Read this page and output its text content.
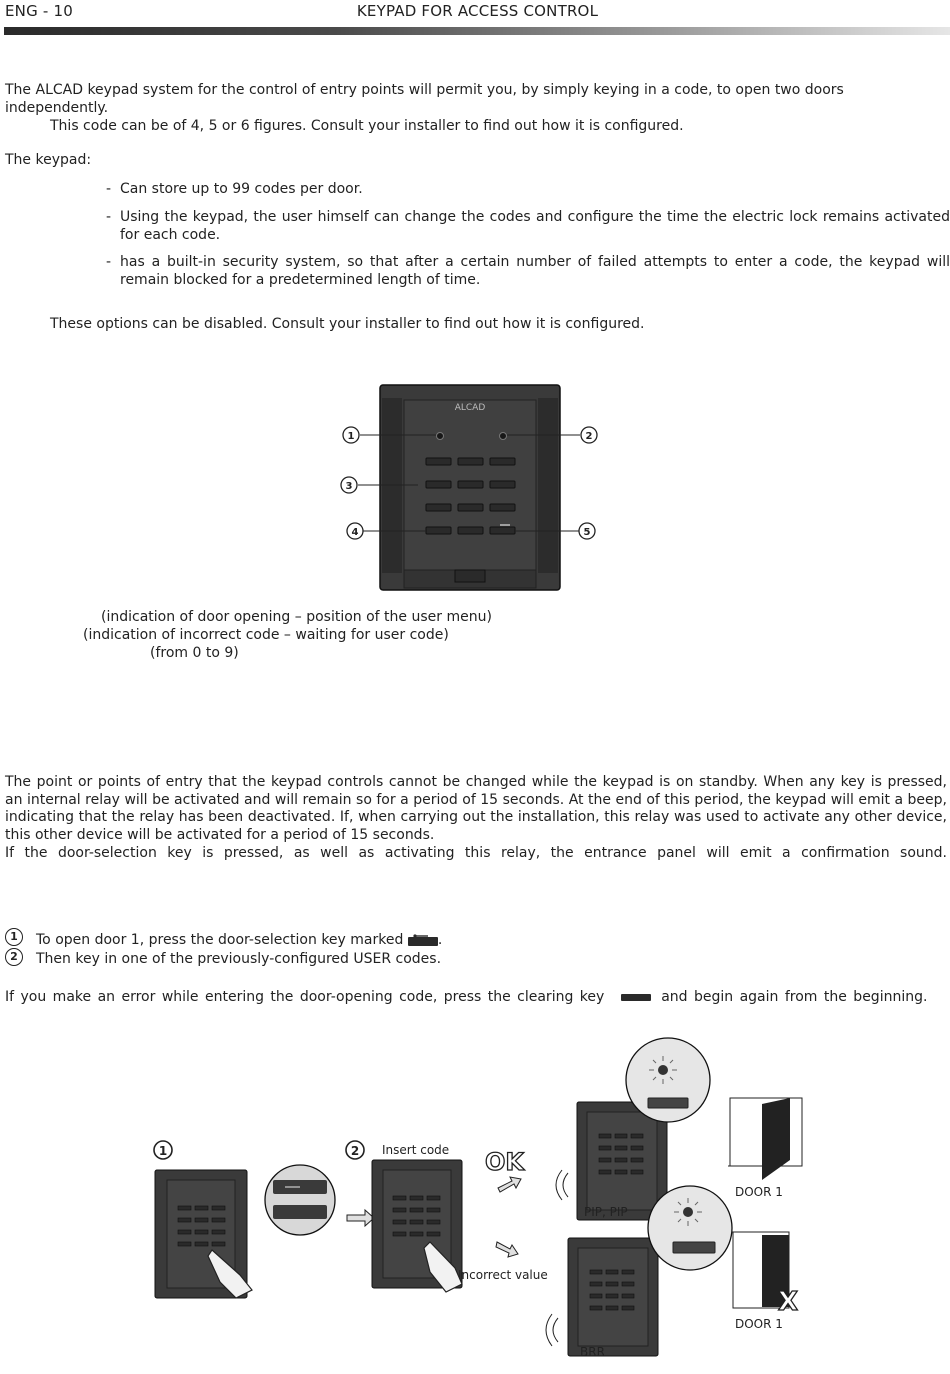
ENG - 10	KEYPAD FOR ACCESS CONTROL
The ALCAD keypad system for the control of entry points will permit you, by simply keying in a code, to open two doors independently.
This code can be of 4, 5 or 6 figures. Consult your installer to find out how it is configured.
The keypad:
- Can store up to 99 codes per door.
- Using the keypad, the user himself can change the codes and configure the time the electric lock remains activated for each code.
- has a built-in security system, so that after a certain number of failed attempts to enter a code, the keypad will remain blocked for a predetermined length of time.
These options can be disabled. Consult your installer to find out how it is configured.
ALCAD
1	2
3
4	5
(indication of door opening – position of the user menu)
(indication of incorrect code – waiting for user code)
(from 0 to 9)
The point or points of entry that the keypad controls cannot be changed while the keypad is on standby. When any key is pressed,
an internal relay will be activated and will remain so for a period of 15 seconds. At the end of this period, the keypad will emit a beep,
indicating that the relay has been deactivated. If, when carrying out the installation, this relay was used to activate any other device,
this other device will be activated for a period of 15 seconds.
If the door-selection key is pressed, as well as activating this relay, the entrance panel will emit a confirmation sound.
1	To open door 1, press the door-selection key marked .
2	Then key in one of the previously-configured USER codes.
If you make an error while entering the door-opening code, press the clearing key	and begin again from the beginning.
1	2 Insert code
Incorrect value
OK
PIP, PIP
DOOR 1
BRR
X
DOOR 1
